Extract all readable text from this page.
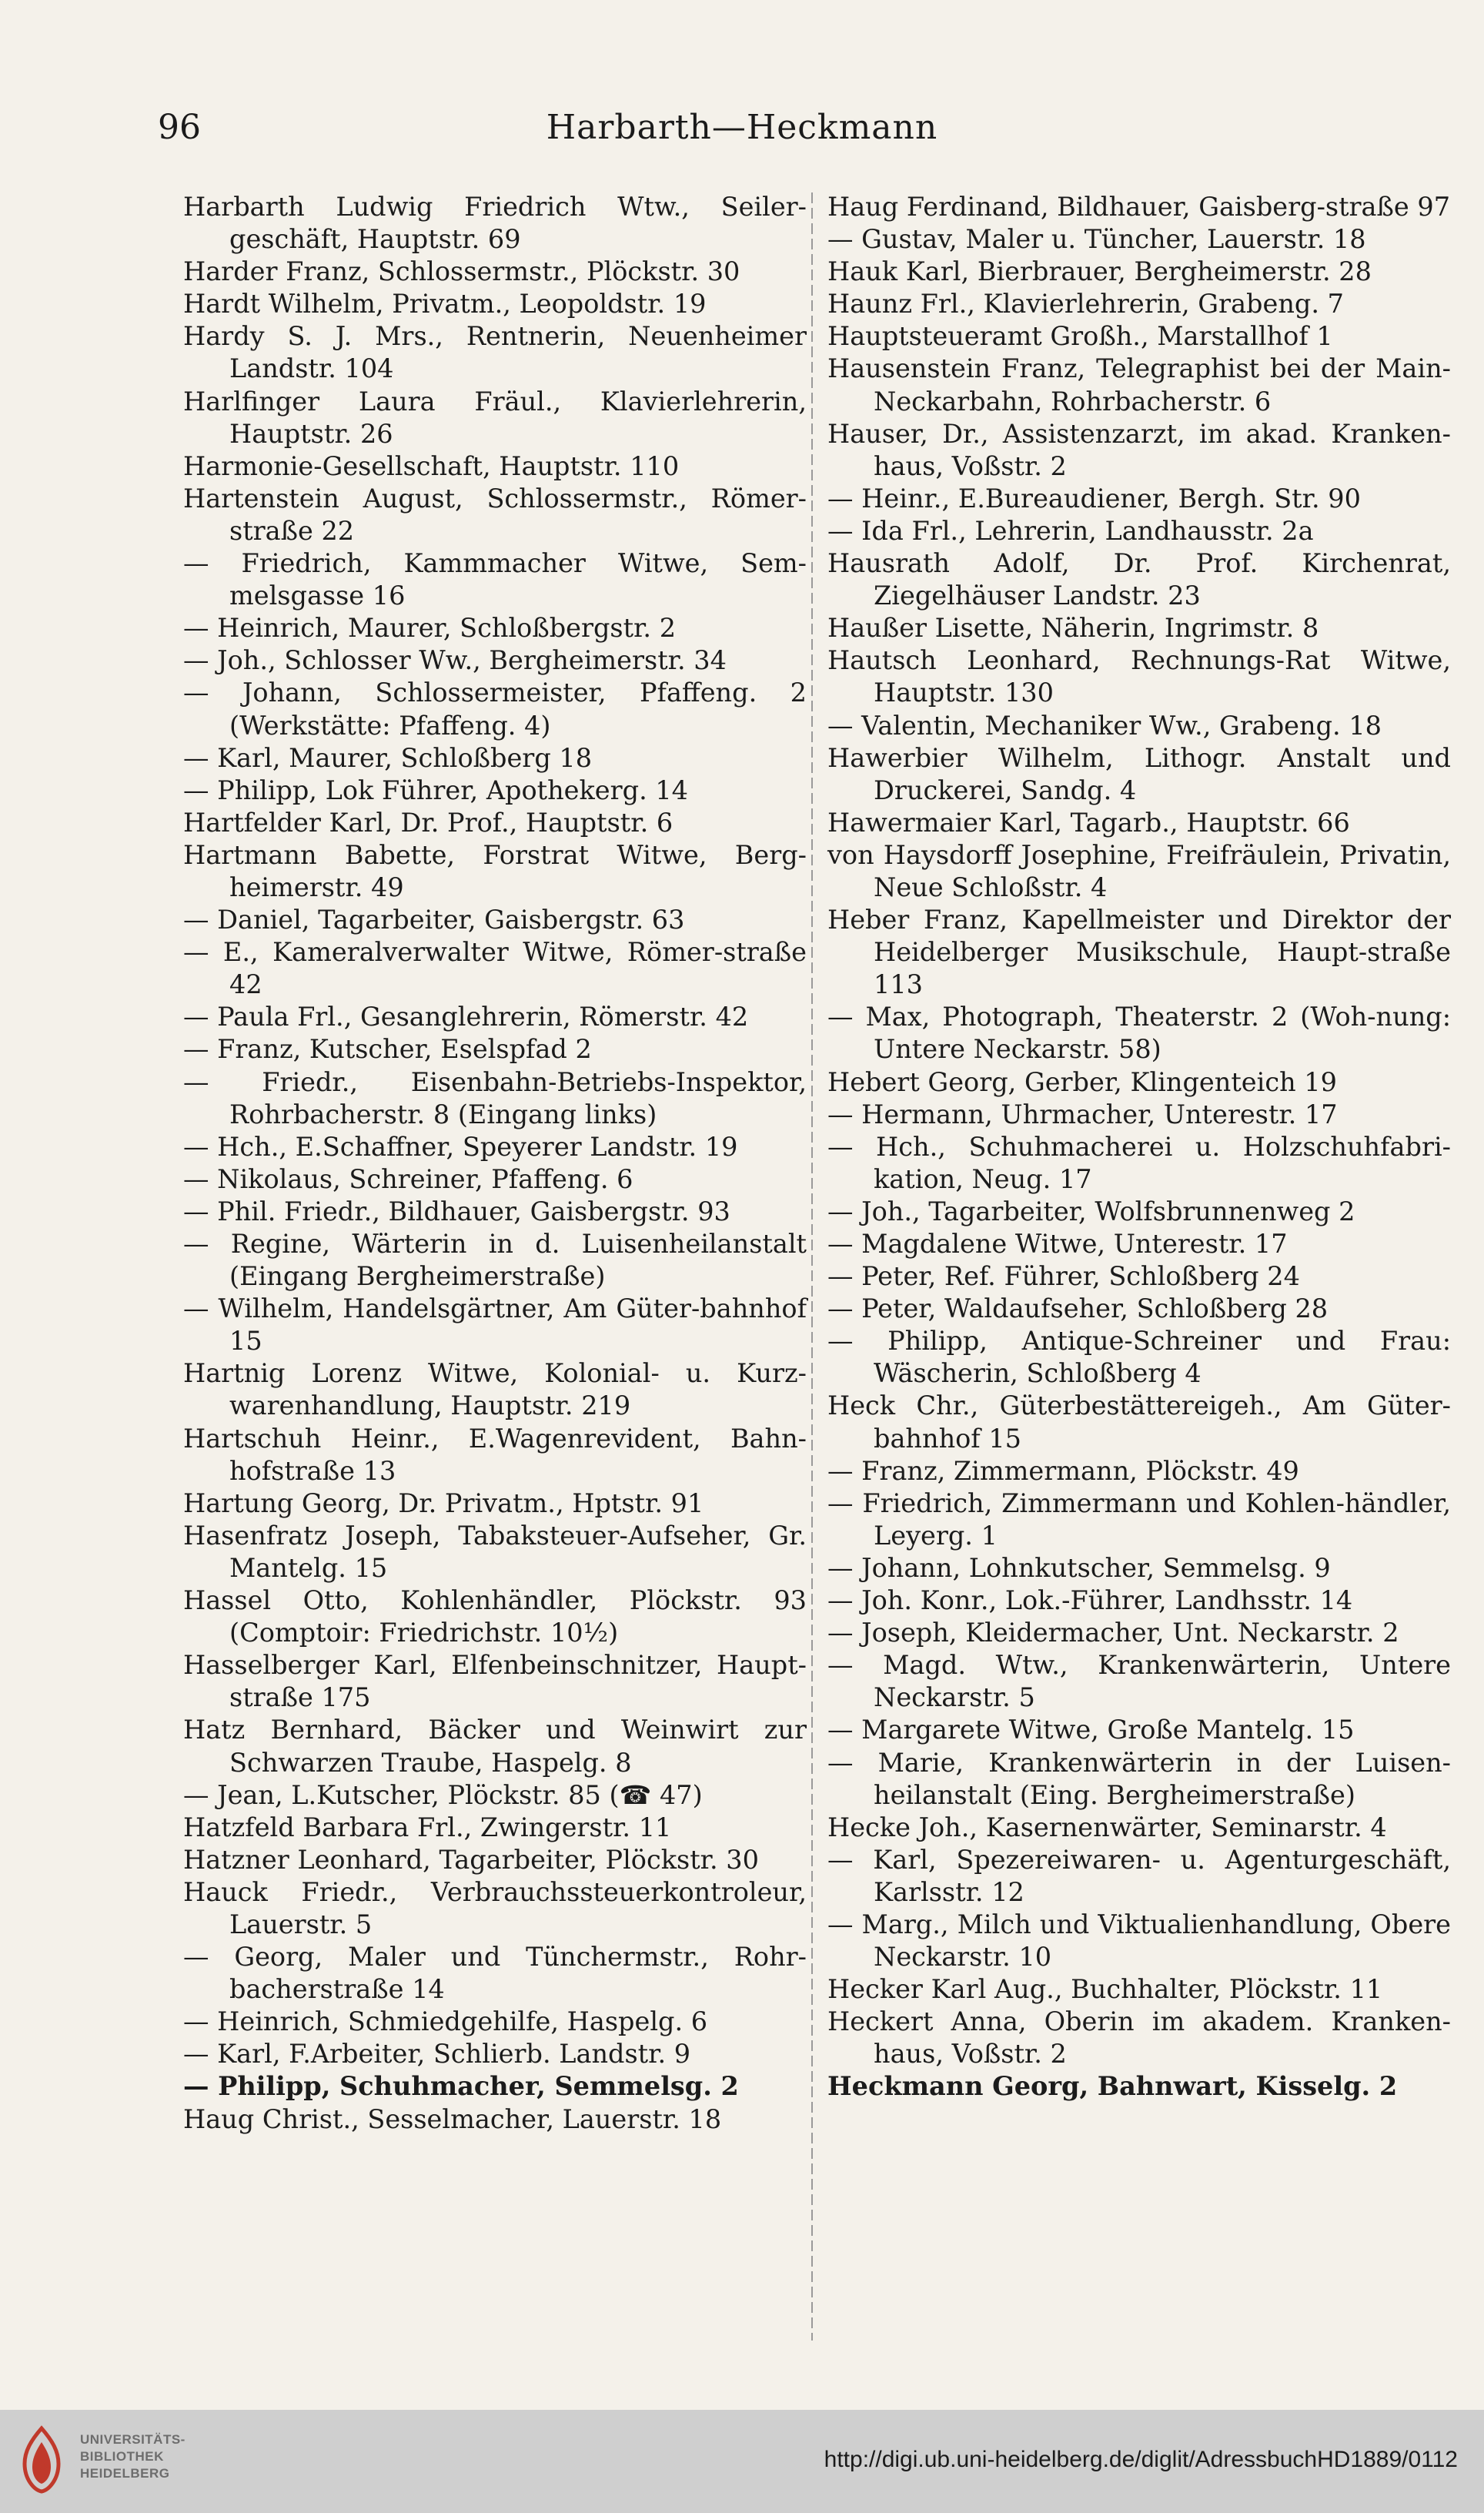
96	Harbarth—Heckmann
Harbarth Ludwig Friedrich Wtw., Seiler-geschäft, Hauptstr. 69
Harder Franz, Schlossermstr., Plöckstr. 30
Hardt Wilhelm, Privatm., Leopoldstr. 19
Hardy S. J. Mrs., Rentnerin, Neuenheimer Landstr. 104
Harlfinger Laura Fräul., Klavierlehrerin, Hauptstr. 26
Harmonie-Gesellschaft, Hauptstr. 110
Hartenstein August, Schlossermstr., Römer-straße 22
— Friedrich, Kammmacher Witwe, Sem-melsgasse 16
— Heinrich, Maurer, Schloßbergstr. 2
— Joh., Schlosser Ww., Bergheimerstr. 34
— Johann, Schlossermeister, Pfaffeng. 2 (Werkstätte: Pfaffeng. 4)
— Karl, Maurer, Schloßberg 18
— Philipp, Lok Führer, Apothekerg. 14
Hartfelder Karl, Dr. Prof., Hauptstr. 6
Hartmann Babette, Forstrat Witwe, Berg-heimerstr. 49
— Daniel, Tagarbeiter, Gaisbergstr. 63
— E., Kameralverwalter Witwe, Römer-straße 42
— Paula Frl., Gesanglehrerin, Römerstr. 42
— Franz, Kutscher, Eselspfad 2
— Friedr., Eisenbahn-Betriebs-Inspektor, Rohrbacherstr. 8 (Eingang links)
— Hch., E.Schaffner, Speyerer Landstr. 19
— Nikolaus, Schreiner, Pfaffeng. 6
— Phil. Friedr., Bildhauer, Gaisbergstr. 93
— Regine, Wärterin in d. Luisenheilanstalt (Eingang Bergheimerstraße)
— Wilhelm, Handelsgärtner, Am Güter-bahnhof 15
Hartnig Lorenz Witwe, Kolonial- u. Kurz-warenhandlung, Hauptstr. 219
Hartschuh Heinr., E.Wagenrevident, Bahn-hofstraße 13
Hartung Georg, Dr. Privatm., Hptstr. 91
Hasenfratz Joseph, Tabaksteuer-Aufseher, Gr. Mantelg. 15
Hassel Otto, Kohlenhändler, Plöckstr. 93 (Comptoir: Friedrichstr. 10½)
Hasselberger Karl, Elfenbeinschnitzer, Haupt-straße 175
Hatz Bernhard, Bäcker und Weinwirt zur Schwarzen Traube, Haspelg. 8
— Jean, L.Kutscher, Plöckstr. 85 (☎ 47)
Hatzfeld Barbara Frl., Zwingerstr. 11
Hatzner Leonhard, Tagarbeiter, Plöckstr. 30
Hauck Friedr., Verbrauchssteuerkontroleur, Lauerstr. 5
— Georg, Maler und Tünchermstr., Rohr-bacherstraße 14
— Heinrich, Schmiedgehilfe, Haspelg. 6
— Karl, F.Arbeiter, Schlierb. Landstr. 9
— Philipp, Schuhmacher, Semmelsg. 2
Haug Christ., Sesselmacher, Lauerstr. 18
Haug Ferdinand, Bildhauer, Gaisberg-straße 97
— Gustav, Maler u. Tüncher, Lauerstr. 18
Hauk Karl, Bierbrauer, Bergheimerstr. 28
Haunz Frl., Klavierlehrerin, Grabeng. 7
Hauptsteueramt Großh., Marstallhof 1
Hausenstein Franz, Telegraphist bei der Main-Neckarbahn, Rohrbacherstr. 6
Hauser, Dr., Assistenzarzt, im akad. Kranken-haus, Voßstr. 2
— Heinr., E.Bureaudiener, Bergh. Str. 90
— Ida Frl., Lehrerin, Landhausstr. 2a
Hausrath Adolf, Dr. Prof. Kirchenrat, Ziegelhäuser Landstr. 23
Haußer Lisette, Näherin, Ingrimstr. 8
Hautsch Leonhard, Rechnungs-Rat Witwe, Hauptstr. 130
— Valentin, Mechaniker Ww., Grabeng. 18
Hawerbier Wilhelm, Lithogr. Anstalt und Druckerei, Sandg. 4
Hawermaier Karl, Tagarb., Hauptstr. 66
von Haysdorff Josephine, Freifräulein, Privatin, Neue Schloßstr. 4
Heber Franz, Kapellmeister und Direktor der Heidelberger Musikschule, Haupt-straße 113
— Max, Photograph, Theaterstr. 2 (Woh-nung: Untere Neckarstr. 58)
Hebert Georg, Gerber, Klingenteich 19
— Hermann, Uhrmacher, Unterestr. 17
— Hch., Schuhmacherei u. Holzschuhfabri-kation, Neug. 17
— Joh., Tagarbeiter, Wolfsbrunnenweg 2
— Magdalene Witwe, Unterestr. 17
— Peter, Ref. Führer, Schloßberg 24
— Peter, Waldaufseher, Schloßberg 28
— Philipp, Antique-Schreiner und Frau: Wäscherin, Schloßberg 4
Heck Chr., Güterbestättereigeh., Am Güter-bahnhof 15
— Franz, Zimmermann, Plöckstr. 49
— Friedrich, Zimmermann und Kohlen-händler, Leyerg. 1
— Johann, Lohnkutscher, Semmelsg. 9
— Joh. Konr., Lok.-Führer, Landhsstr. 14
— Joseph, Kleidermacher, Unt. Neckarstr. 2
— Magd. Wtw., Krankenwärterin, Untere Neckarstr. 5
— Margarete Witwe, Große Mantelg. 15
— Marie, Krankenwärterin in der Luisen-heilanstalt (Eing. Bergheimerstraße)
Hecke Joh., Kasernenwärter, Seminarstr. 4
— Karl, Spezereiwaren- u. Agenturgeschäft, Karlsstr. 12
— Marg., Milch und Viktualienhandlung, Obere Neckarstr. 10
Hecker Karl Aug., Buchhalter, Plöckstr. 11
Heckert Anna, Oberin im akadem. Kranken-haus, Voßstr. 2
Heckmann Georg, Bahnwart, Kisselg. 2
UNIVERSITÄTS-
BIBLIOTHEK
HEIDELBERG
http://digi.ub.uni-heidelberg.de/diglit/AdressbuchHD1889/0112
